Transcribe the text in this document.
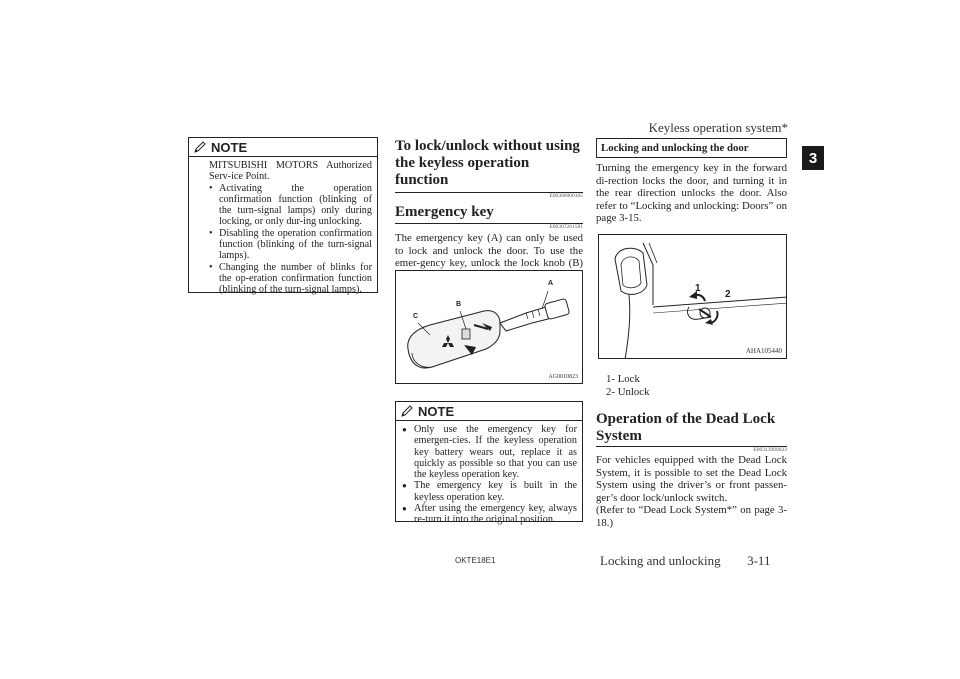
Keyless operation system*
3
NOTE

MITSUBISHI MOTORS Authorized Serv-ice Point.

• Activating the operation confirmation function (blinking of the turn-signal lamps) only during locking, or only dur-ing unlocking.

• Disabling the operation confirmation function (blinking of the turn-signal lamps).

• Changing the number of blinks for the op-eration confirmation function (blinking of the turn-signal lamps).

To lock/unlock without using
the keyless operation function
E00306000165
Emergency key
E00307201581

The emergency key (A) can only be used to lock and unlock the door. To use the emer-gency key, unlock the lock knob (B)

A
B
C
AG0010823
NOTE

● Only use the emergency key for emergen-cies. If the keyless operation key battery wears out, replace it as quickly as possible so that you can use the keyless operation key.

● The emergency key is built in the keyless operation key.

● After using the emergency key, always re-turn it into the original position.

Locking and unlocking the door

Turning the emergency key in the forward di-rection locks the door, and turning it in the rear direction unlocks the door. Also refer to “Locking and unlocking: Doors” on page 3-15.

1
2
AHA105440

1- Lock

2- Unlock

Operation of the Dead Lock
System
E00313900023

For vehicles equipped with the Dead Lock System, it is possible to set the Dead Lock System using the driver’s or front passen-ger’s door lock/unlock switch.

(Refer to “Dead Lock System*” on page 3-18.)

OKTE18E1	Locking and unlocking 3-11
